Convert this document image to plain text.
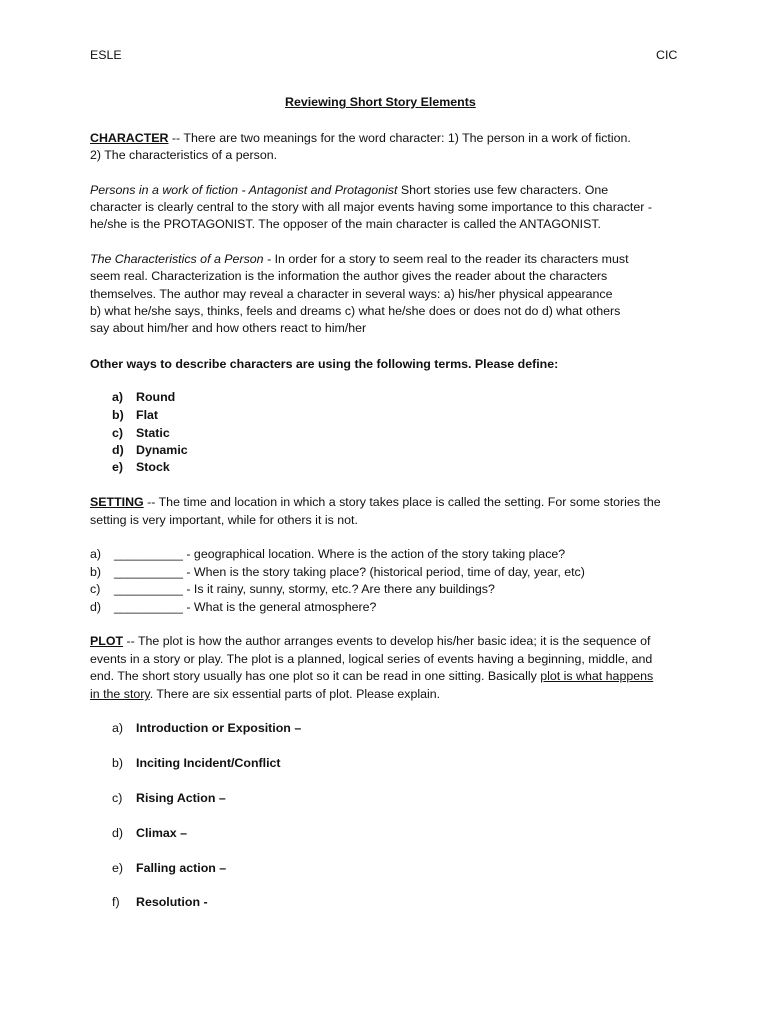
ESLE	CIC
Reviewing Short Story Elements
CHARACTER -- There are two meanings for the word character: 1) The person in a work of fiction.
2) The characteristics of a person.
Persons in a work of fiction - Antagonist and Protagonist Short stories use few characters. One
character is clearly central to the story with all major events having some importance to this character -
he/she is the PROTAGONIST. The opposer of the main character is called the ANTAGONIST.
The Characteristics of a Person - In order for a story to seem real to the reader its characters must
seem real. Characterization is the information the author gives the reader about the characters
themselves. The author may reveal a character in several ways: a) his/her physical appearance
b) what he/she says, thinks, feels and dreams c) what he/she does or does not do d) what others
say about him/her and how others react to him/her
Other ways to describe characters are using the following terms. Please define:
a) Round
b) Flat
c) Static
d) Dynamic
e) Stock
SETTING -- The time and location in which a story takes place is called the setting. For some stories the
setting is very important, while for others it is not.
a) __________ - geographical location. Where is the action of the story taking place?
b) __________ - When is the story taking place? (historical period, time of day, year, etc)
c) __________ - Is it rainy, sunny, stormy, etc.? Are there any buildings?
d) __________ - What is the general atmosphere?
PLOT -- The plot is how the author arranges events to develop his/her basic idea; it is the sequence of
events in a story or play. The plot is a planned, logical series of events having a beginning, middle, and
end. The short story usually has one plot so it can be read in one sitting. Basically plot is what happens
in the story. There are six essential parts of plot. Please explain.
a) Introduction or Exposition –
b) Inciting Incident/Conflict
c) Rising Action –
d) Climax –
e) Falling action –
f) Resolution -
